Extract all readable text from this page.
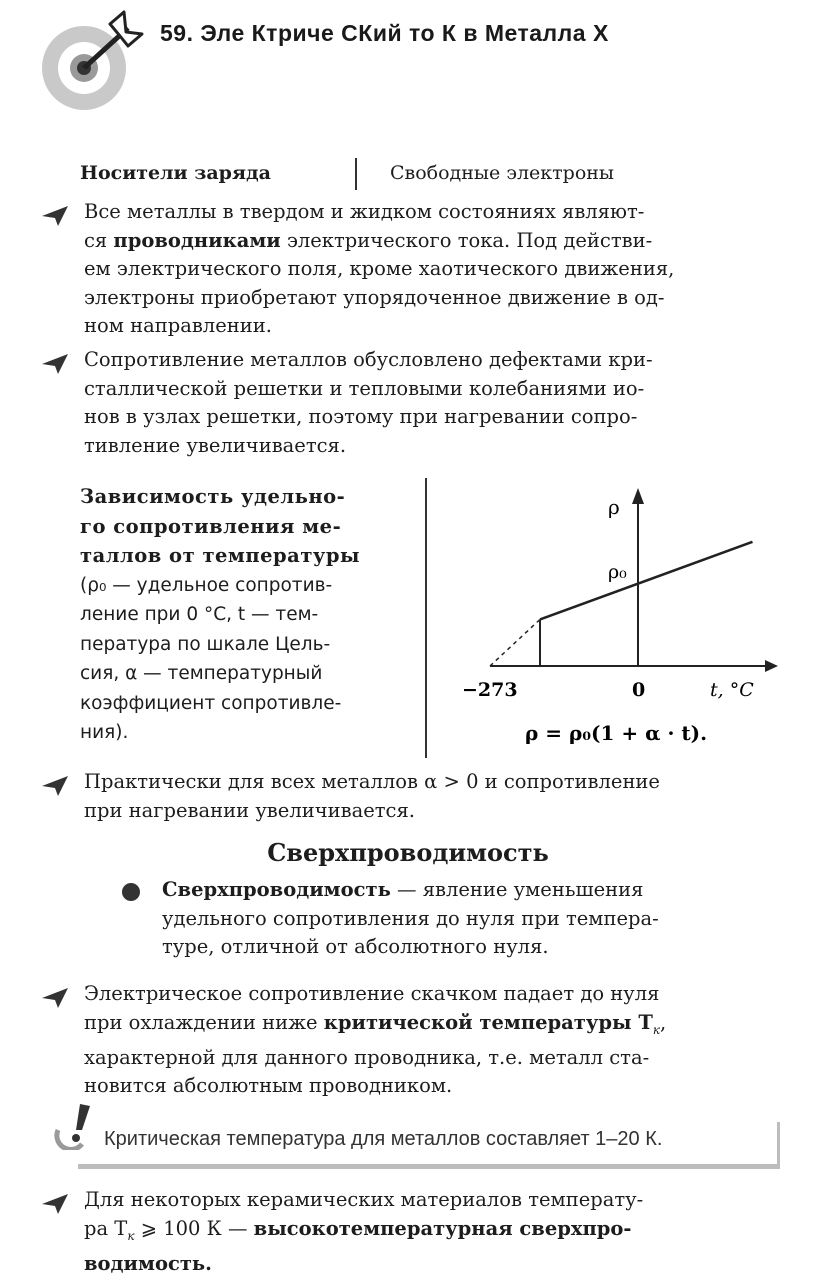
59. Эле Ктриче СКий то К в Металла Х
Носители заряда	Свободные электроны
Все металлы в твердом и жидком состояниях являют-
ся проводниками электрического тока. Под действи-
ем электрического поля, кроме хаотического движения,
электроны приобретают упорядоченное движение в од-
ном направлении.
Сопротивление металлов обусловлено дефектами кри-
сталлической решетки и тепловыми колебаниями ио-
нов в узлах решетки, поэтому при нагревании сопро-
тивление увеличивается.
Зависимость удельно-
го сопротивления ме-
таллов от температуры
(ρ₀ — удельное сопротив-
ление при 0 °C, t — тем-
пература по шкале Цель-
сия, α — температурный
коэффициент сопротивле-
ния).
ρ
ρ₀
−273	0	t, °C
ρ = ρ₀(1 + α · t).
Практически для всех металлов α > 0 и сопротивление
при нагревании увеличивается.
Сверхпроводимость
Сверхпроводимость — явление уменьшения
удельного сопротивления до нуля при темпера-
туре, отличной от абсолютного нуля.
Электрическое сопротивление скачком падает до нуля
при охлаждении ниже критической температуры $T_к$,
характерной для данного проводника, т.е. металл ста-
новится абсолютным проводником.
Критическая температура для металлов составляет 1–20 К.
Для некоторых керамических материалов температу-
ра $T_к$ ⩾ 100 К — высокотемпературная сверхпро-
водимость.
